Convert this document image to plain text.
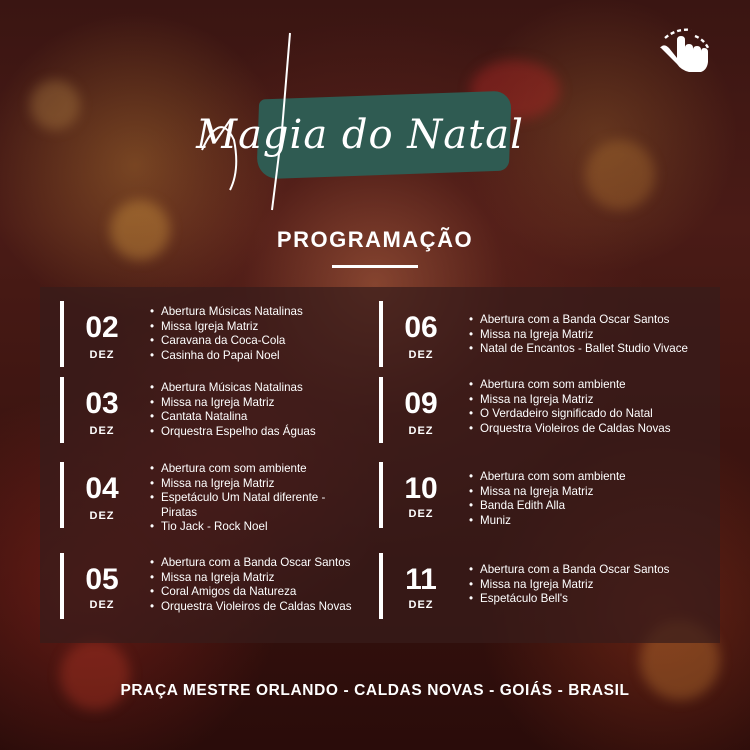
Magia do Natal
PROGRAMAÇÃO
02
DEZ
• Abertura Músicas Natalinas
• Missa Igreja Matriz
• Caravana da Coca-Cola
• Casinha do Papai Noel
03
DEZ
• Abertura Músicas Natalinas
• Missa na Igreja Matriz
• Cantata Natalina
• Orquestra Espelho das Águas
04
DEZ
• Abertura com som ambiente
• Missa na Igreja Matriz
• Espetáculo Um Natal diferente -
Piratas
• Tio Jack - Rock Noel
05
DEZ
• Abertura com a Banda Oscar Santos
• Missa na Igreja Matriz
• Coral Amigos da Natureza
• Orquestra Violeiros de Caldas Novas
06
DEZ
• Abertura com a Banda Oscar Santos
• Missa na Igreja Matriz
• Natal de Encantos - Ballet Studio Vivace
09
DEZ
• Abertura com som ambiente
• Missa na Igreja Matriz
• O Verdadeiro significado do Natal
• Orquestra Violeiros de Caldas Novas
10
DEZ
• Abertura com som ambiente
• Missa na Igreja Matriz
• Banda Edith Alla
• Muniz
11
DEZ
• Abertura com a Banda Oscar Santos
• Missa na Igreja Matriz
• Espetáculo Bell's
PRAÇA MESTRE ORLANDO - CALDAS NOVAS - GOIÁS - BRASIL
